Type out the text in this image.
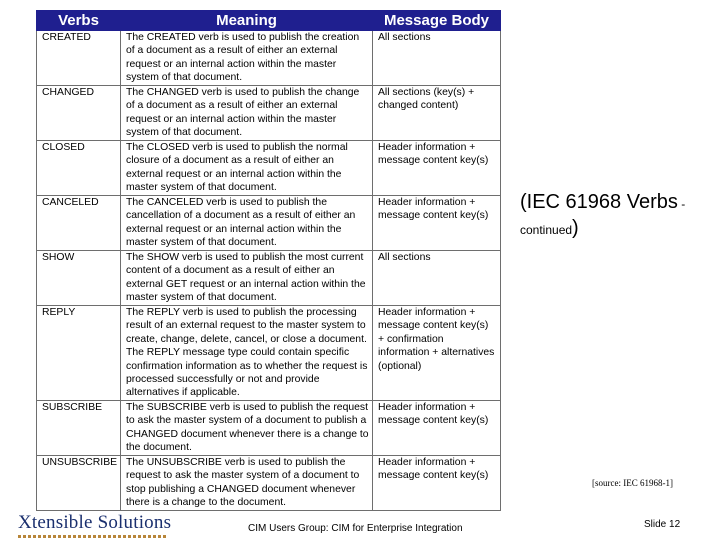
Verbs	Meaning	Message Body
CREATED	The CREATED verb is used to publish the creation of a document as a result of either an external request or an internal action within the master system of that document.	All sections
CHANGED	The CHANGED verb is used to publish the change of a document as a result of either an external request or an internal action within the master system of that document.	All sections (key(s) + changed content)
CLOSED	The CLOSED verb is used to publish the normal closure of a document as a result of either an external request or an internal action within the master system of that document.	Header information + message content key(s)
CANCELED	The CANCELED verb is used to publish the cancellation of a document as a result of either an external request or an internal action within the master system of that document.	Header information + message content key(s)
SHOW	The SHOW verb is used to publish the most current content of a document as a result of either an external GET request or an internal action within the master system of that document.	All sections
REPLY	The REPLY verb is used to publish the processing result of an external request to the master system to create, change, delete, cancel, or close a document. The REPLY message type could contain specific confirmation information as to whether the request is processed successfully or not and provide alternatives if applicable.	Header information + message content key(s) + confirmation information + alternatives (optional)
SUBSCRIBE	The SUBSCRIBE verb is used to publish the request to ask the master system of a document to publish a CHANGED document whenever there is a change to the document.	Header information + message content key(s)
UNSUBSCRIBE	The UNSUBSCRIBE verb is used to publish the request to ask the master system of a document to stop publishing a CHANGED document whenever there is a change to the document.	Header information + message content key(s)
(IEC 61968 Verbs - continued)
[source: IEC 61968-1]
Xtensible Solutions	CIM Users Group: CIM for Enterprise Integration	Slide 12
